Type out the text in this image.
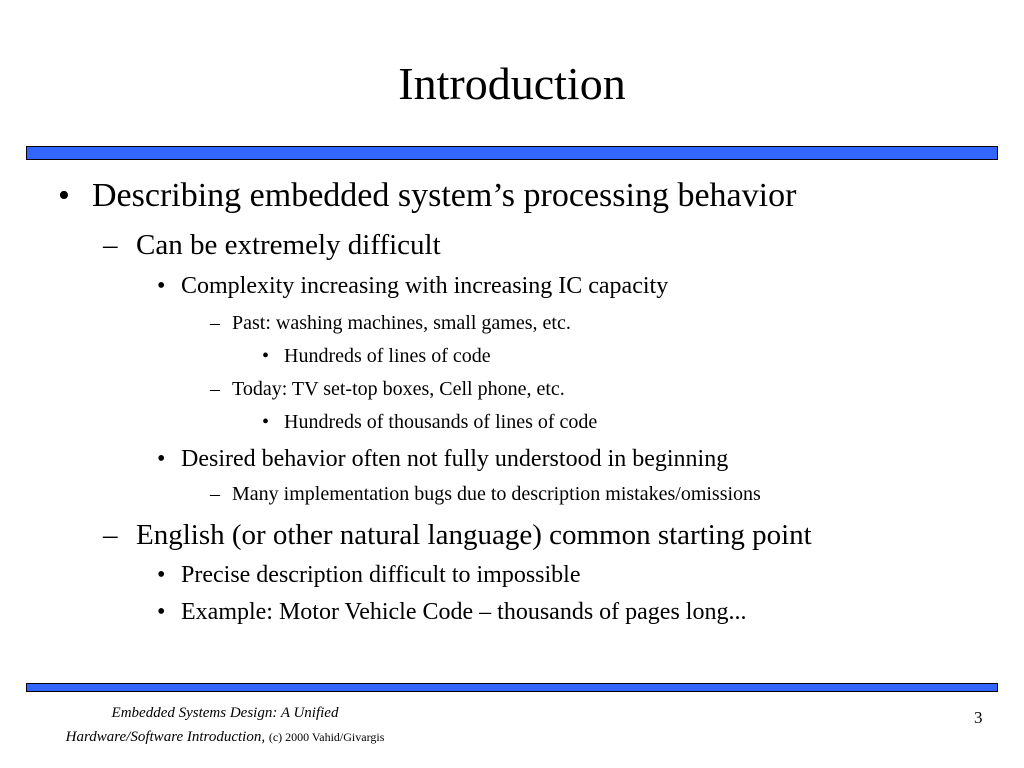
Introduction
• Describing embedded system’s processing behavior
– Can be extremely difficult
• Complexity increasing with increasing IC capacity
– Past: washing machines, small games, etc.
• Hundreds of lines of code
– Today: TV set-top boxes, Cell phone, etc.
• Hundreds of thousands of lines of code
• Desired behavior often not fully understood in beginning
– Many implementation bugs due to description mistakes/omissions
– English (or other natural language) common starting point
• Precise description difficult to impossible
• Example: Motor Vehicle Code – thousands of pages long...
Embedded Systems Design: A Unified
Hardware/Software Introduction, (c) 2000 Vahid/Givargis
3
